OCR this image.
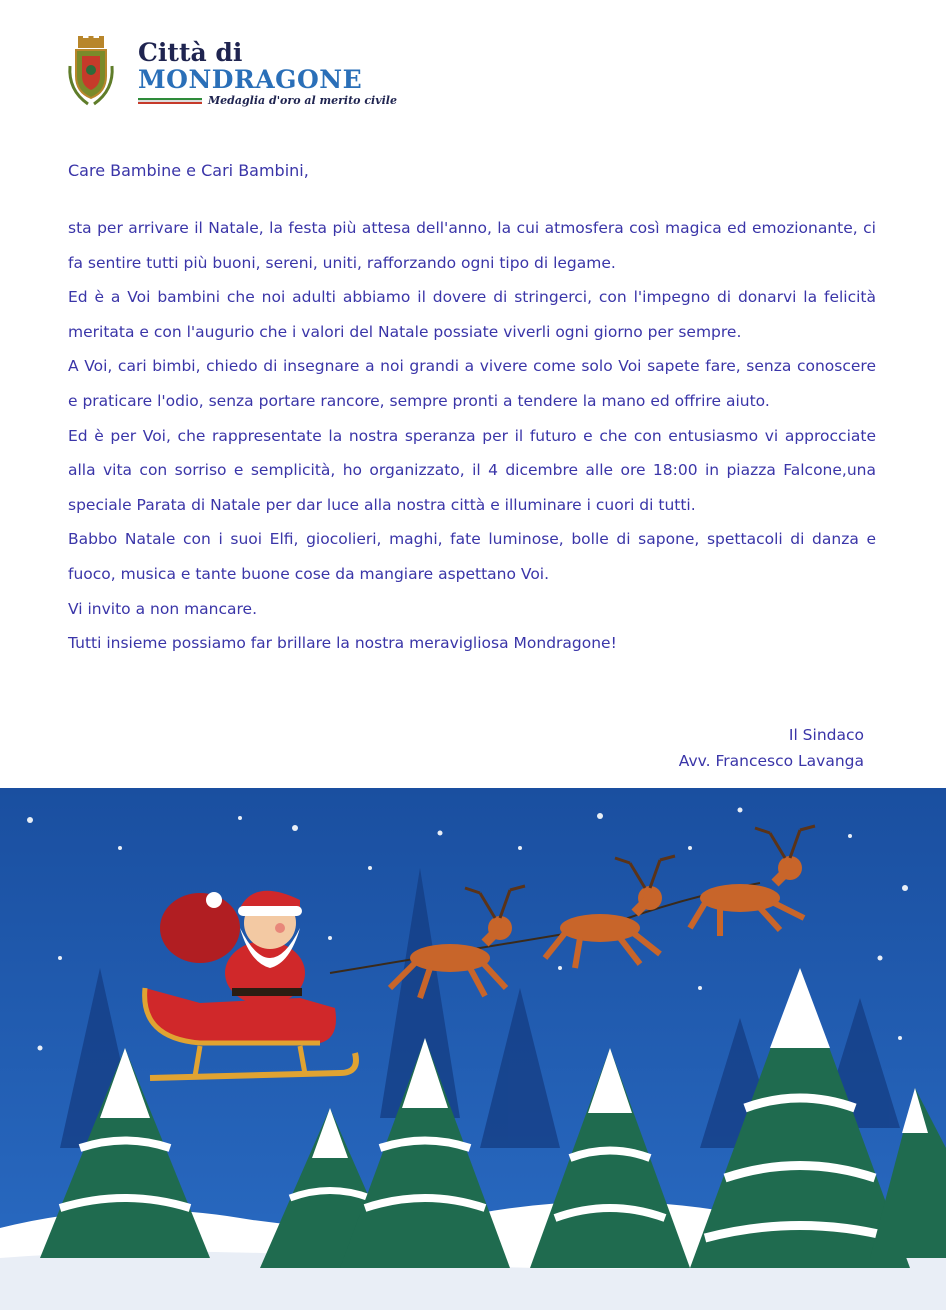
Città di
MONDRAGONE
Medaglia d'oro al merito civile

Care Bambine e Cari Bambini,

sta per arrivare il Natale, la festa più attesa dell'anno, la cui atmosfera così magica ed emozionante, ci fa sentire tutti più buoni, sereni, uniti, rafforzando ogni tipo di legame.
Ed è a Voi bambini che noi adulti abbiamo il dovere di stringerci, con l'impegno di donarvi la felicità meritata e con l'augurio che i valori del Natale possiate viverli ogni giorno per sempre.
A Voi, cari bimbi, chiedo di insegnare a noi grandi a vivere come solo Voi sapete fare, senza conoscere e praticare l'odio, senza portare rancore, sempre pronti a tendere la mano ed offrire aiuto.
Ed è per Voi, che rappresentate la nostra speranza per il futuro e che con entusiasmo vi approcciate alla vita con sorriso e semplicità, ho organizzato, il 4 dicembre alle ore 18:00 in piazza Falcone,una speciale Parata di Natale per dar luce alla nostra città e illuminare i cuori di tutti.
Babbo Natale con i suoi Elfi, giocolieri, maghi, fate luminose, bolle di sapone, spettacoli di danza e fuoco, musica e tante buone cose da mangiare aspettano Voi.
Vi invito a non mancare.
Tutti insieme possiamo far brillare la nostra meravigliosa Mondragone!
Il Sindaco
Avv. Francesco Lavanga
